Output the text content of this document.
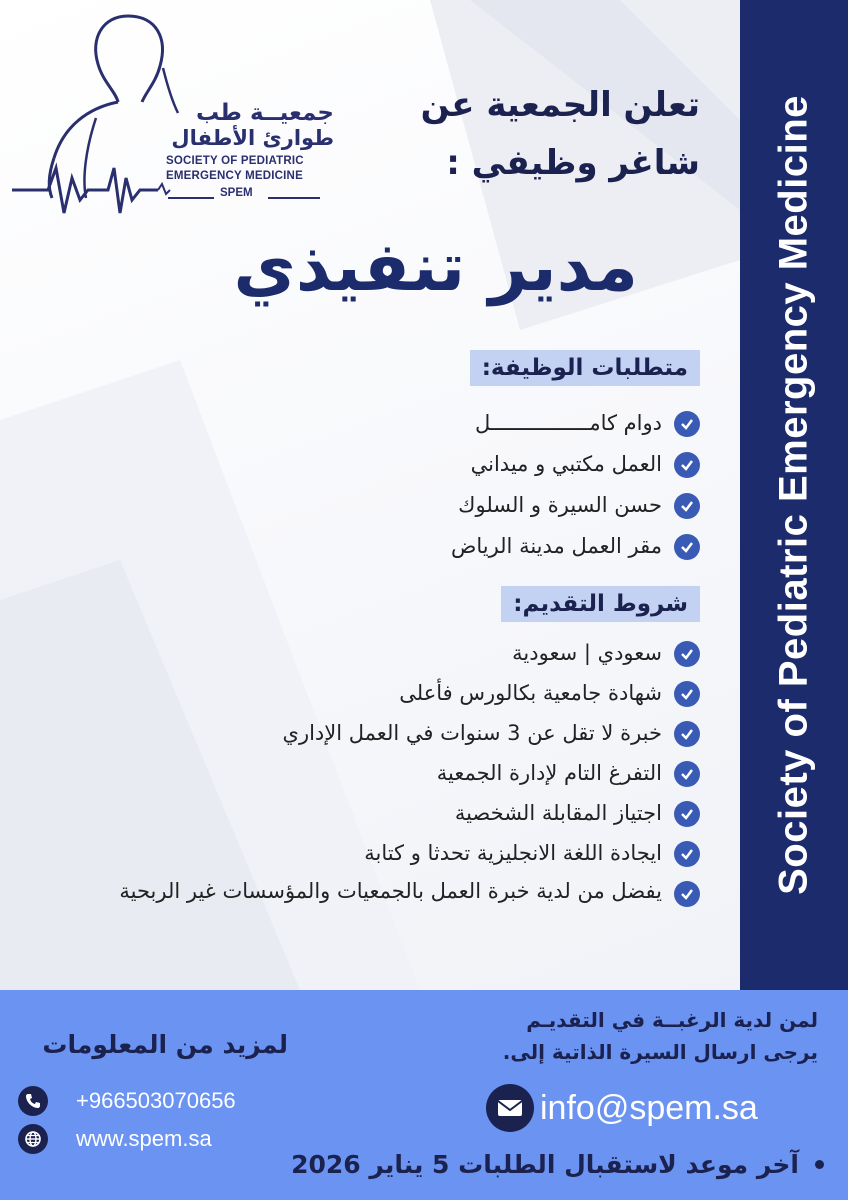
Society of Pediatric Emergency Medicine
جمعيــة طب
طوارئ الأطفال
SOCIETY OF PEDIATRIC
EMERGENCY MEDICINE
SPEM
تعلن الجمعية عن
شاغر وظيفي :
مدير تنفيذي
متطلبات الوظيفة:
دوام كامــــــــــــــــل
العمل مكتبي و ميداني
حسن السيرة و السلوك
مقر العمل مدينة الرياض
شروط التقديم:
سعودي | سعودية
شهادة جامعية بكالورس فأعلى
خبرة لا تقل عن 3 سنوات في العمل الإداري
التفرغ التام لإدارة الجمعية
اجتياز المقابلة الشخصية
ايجادة اللغة الانجليزية تحدثا و كتابة
يفضل من لدية خبرة العمل بالجمعيات والمؤسسات غير الربحية
لمزيد من المعلومات
+966503070656
www.spem.sa
لمن لدية الرغبــة في التقديـم
يرجى ارسال السيرة الذاتية إلى.
info@spem.sa
آخر موعد لاستقبال الطلبات 5 يناير 2026
